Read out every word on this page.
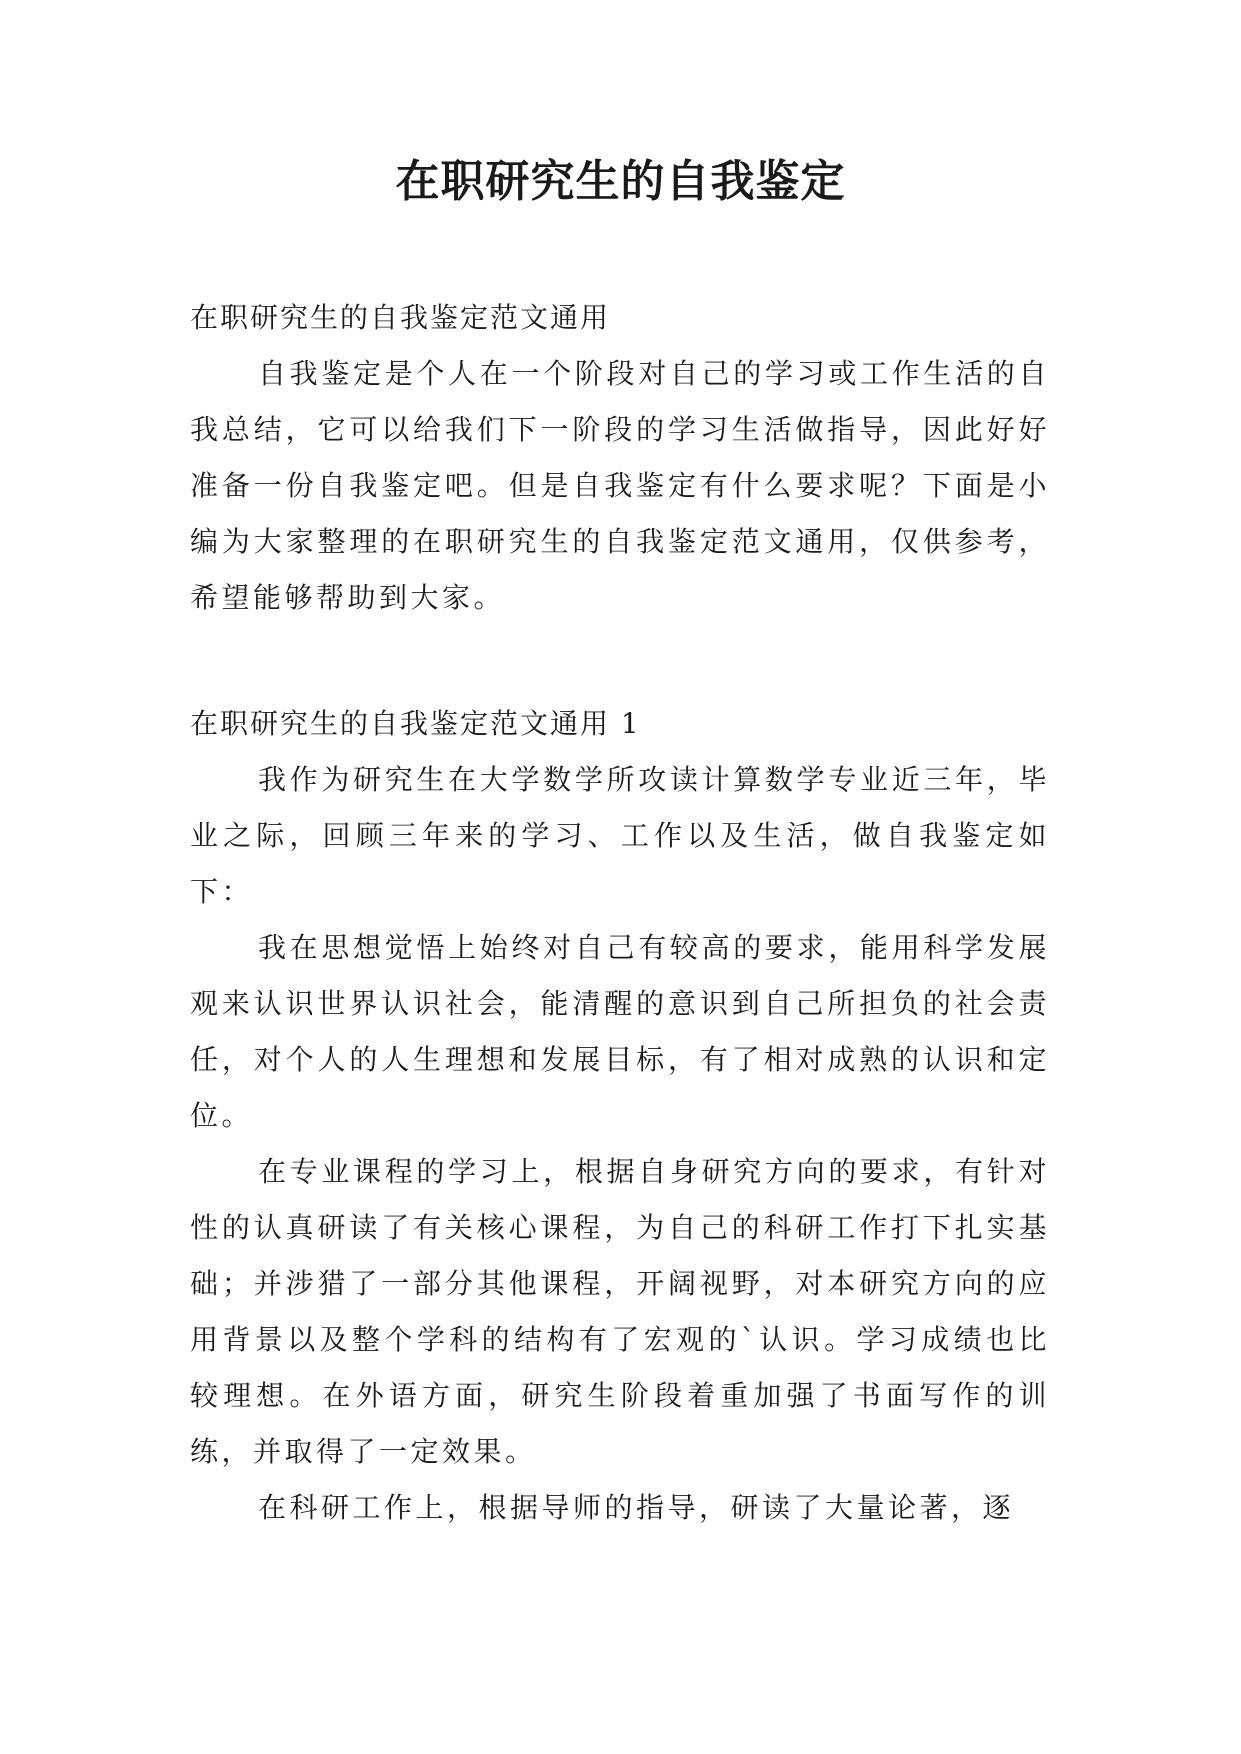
在职研究生的自我鉴定

在职研究生的自我鉴定范文通用

自我鉴定是个人在一个阶段对自己的学习或工作生活的自我总结，它可以给我们下一阶段的学习生活做指导，因此好好准备一份自我鉴定吧。但是自我鉴定有什么要求呢？下面是小编为大家整理的在职研究生的自我鉴定范文通用，仅供参考，希望能够帮助到大家。

在职研究生的自我鉴定范文通用 1

我作为研究生在大学数学所攻读计算数学专业近三年，毕业之际，回顾三年来的学习、工作以及生活，做自我鉴定如下：

我在思想觉悟上始终对自己有较高的要求，能用科学发展观来认识世界认识社会，能清醒的意识到自己所担负的社会责任，对个人的人生理想和发展目标，有了相对成熟的认识和定位。

在专业课程的学习上，根据自身研究方向的要求，有针对性的认真研读了有关核心课程，为自己的科研工作打下扎实基础；并涉猎了一部分其他课程，开阔视野，对本研究方向的应用背景以及整个学科的结构有了宏观的`认识。学习成绩也比较理想。在外语方面，研究生阶段着重加强了书面写作的训练，并取得了一定效果。

在科研工作上，根据导师的指导，研读了大量论著，逐
